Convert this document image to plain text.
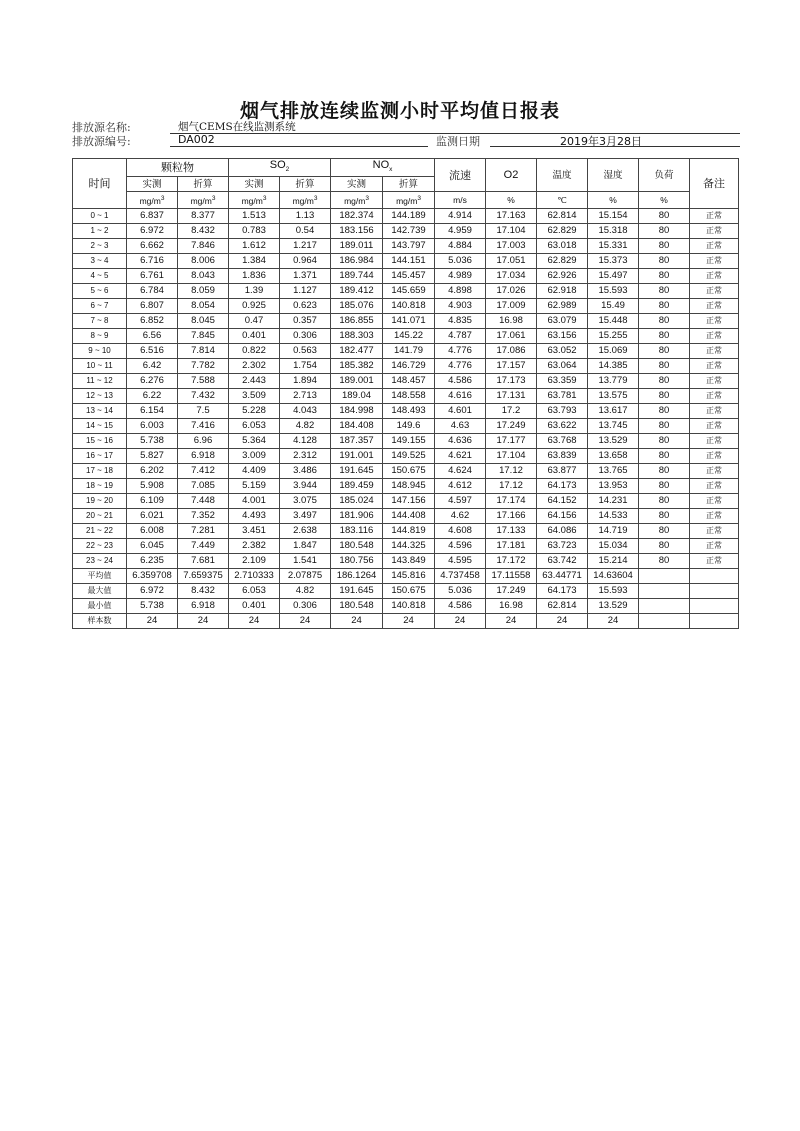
烟气排放连续监测小时平均值日报表
排放源名称:	烟气CEMS在线监测系统
排放源编号:	DA002	监测日期	2019年3月28日
时间	颗粒物		$SO_2$		$NO_x$		流速	O2	温度	湿度	负荷	备注
	实测	折算	实测	折算	实测	折算						
	$mg/m^3$	$mg/m^3$	$mg/m^3$	$mg/m^3$	$mg/m^3$	$mg/m^3$	m/s	%	℃	%	%	
0 ~ 1	6.837	8.377	1.513	1.13	182.374	144.189	4.914	17.163	62.814	15.154	80	正常
1 ~ 2	6.972	8.432	0.783	0.54	183.156	142.739	4.959	17.104	62.829	15.318	80	正常
2 ~ 3	6.662	7.846	1.612	1.217	189.011	143.797	4.884	17.003	63.018	15.331	80	正常
3 ~ 4	6.716	8.006	1.384	0.964	186.984	144.151	5.036	17.051	62.829	15.373	80	正常
4 ~ 5	6.761	8.043	1.836	1.371	189.744	145.457	4.989	17.034	62.926	15.497	80	正常
5 ~ 6	6.784	8.059	1.39	1.127	189.412	145.659	4.898	17.026	62.918	15.593	80	正常
6 ~ 7	6.807	8.054	0.925	0.623	185.076	140.818	4.903	17.009	62.989	15.49	80	正常
7 ~ 8	6.852	8.045	0.47	0.357	186.855	141.071	4.835	16.98	63.079	15.448	80	正常
8 ~ 9	6.56	7.845	0.401	0.306	188.303	145.22	4.787	17.061	63.156	15.255	80	正常
9 ~ 10	6.516	7.814	0.822	0.563	182.477	141.79	4.776	17.086	63.052	15.069	80	正常
10 ~ 11	6.42	7.782	2.302	1.754	185.382	146.729	4.776	17.157	63.064	14.385	80	正常
11 ~ 12	6.276	7.588	2.443	1.894	189.001	148.457	4.586	17.173	63.359	13.779	80	正常
12 ~ 13	6.22	7.432	3.509	2.713	189.04	148.558	4.616	17.131	63.781	13.575	80	正常
13 ~ 14	6.154	7.5	5.228	4.043	184.998	148.493	4.601	17.2	63.793	13.617	80	正常
14 ~ 15	6.003	7.416	6.053	4.82	184.408	149.6	4.63	17.249	63.622	13.745	80	正常
15 ~ 16	5.738	6.96	5.364	4.128	187.357	149.155	4.636	17.177	63.768	13.529	80	正常
16 ~ 17	5.827	6.918	3.009	2.312	191.001	149.525	4.621	17.104	63.839	13.658	80	正常
17 ~ 18	6.202	7.412	4.409	3.486	191.645	150.675	4.624	17.12	63.877	13.765	80	正常
18 ~ 19	5.908	7.085	5.159	3.944	189.459	148.945	4.612	17.12	64.173	13.953	80	正常
19 ~ 20	6.109	7.448	4.001	3.075	185.024	147.156	4.597	17.174	64.152	14.231	80	正常
20 ~ 21	6.021	7.352	4.493	3.497	181.906	144.408	4.62	17.166	64.156	14.533	80	正常
21 ~ 22	6.008	7.281	3.451	2.638	183.116	144.819	4.608	17.133	64.086	14.719	80	正常
22 ~ 23	6.045	7.449	2.382	1.847	180.548	144.325	4.596	17.181	63.723	15.034	80	正常
23 ~ 24	6.235	7.681	2.109	1.541	180.756	143.849	4.595	17.172	63.742	15.214	80	正常
平均值	6.359708	7.659375	2.710333	2.07875	186.1264	145.816	4.737458	17.11558	63.44771	14.63604		
最大值	6.972	8.432	6.053	4.82	191.645	150.675	5.036	17.249	64.173	15.593		
最小值	5.738	6.918	0.401	0.306	180.548	140.818	4.586	16.98	62.814	13.529		
样本数	24	24	24	24	24	24	24	24	24	24		
